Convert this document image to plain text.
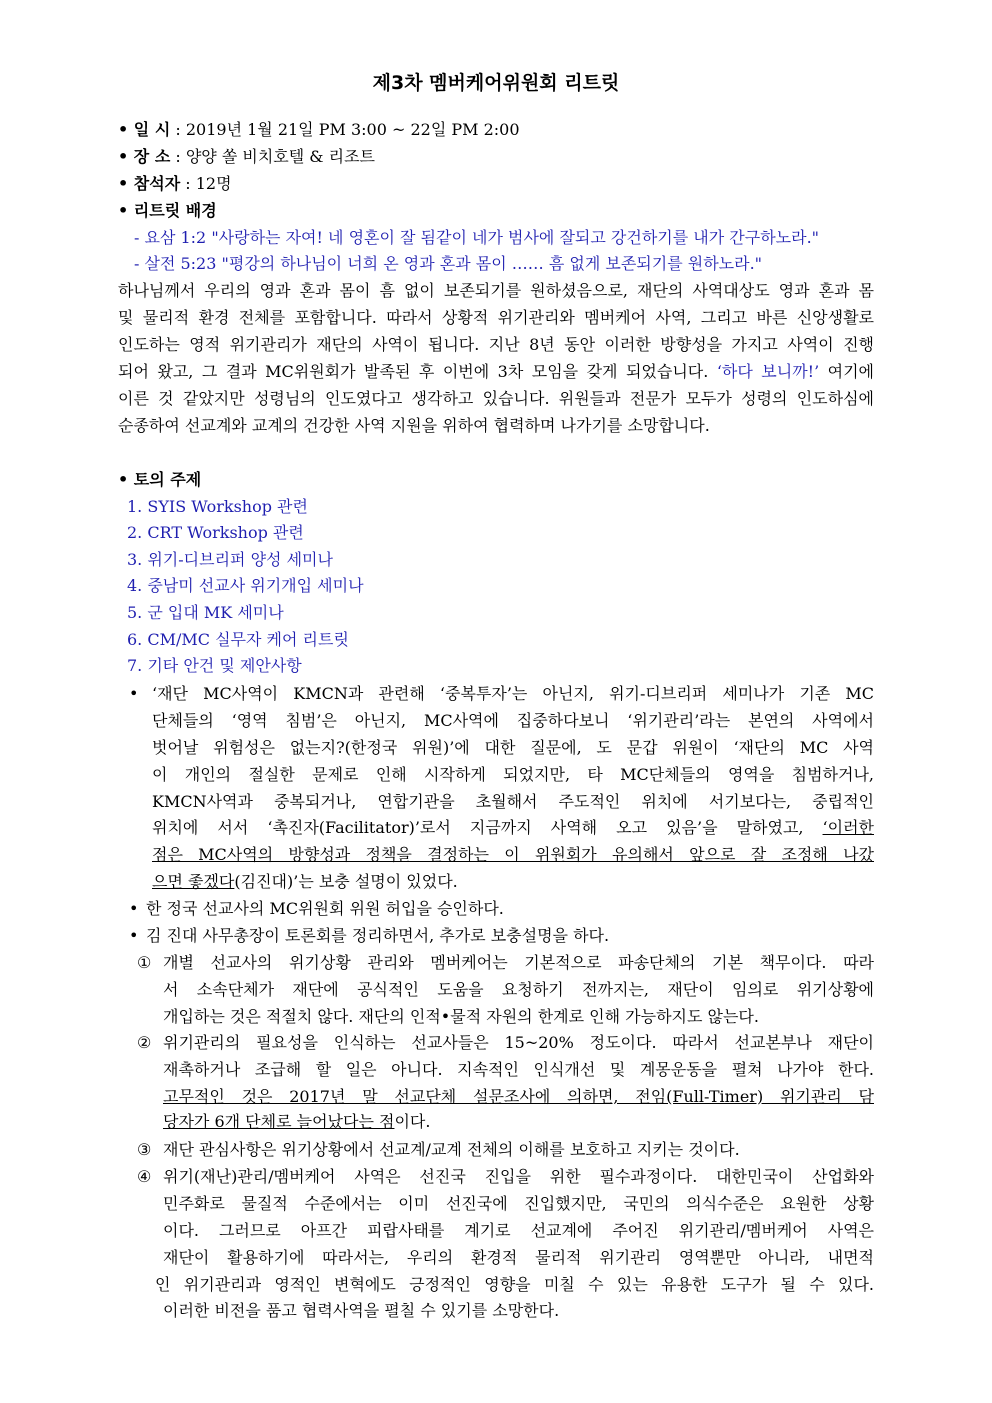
제3차 멤버케어위원회 리트릿
• 일 시 : 2019년 1월 21일 PM 3:00 ~ 22일 PM 2:00
• 장 소 : 양양 쏠 비치호텔 & 리조트
• 참석자 : 12명
• 리트릿 배경
- 요삼 1:2 "사랑하는 자여! 네 영혼이 잘 됨같이 네가 범사에 잘되고 강건하기를 내가 간구하노라."
- 살전 5:23 "평강의 하나님이 너희 온 영과 혼과 몸이 …… 흠 없게 보존되기를 원하노라."
하나님께서 우리의 영과 혼과 몸이 흠 없이 보존되기를 원하셨음으로, 재단의 사역대상도 영과 혼과 몸
및 물리적 환경 전체를 포함합니다. 따라서 상황적 위기관리와 멤버케어 사역, 그리고 바른 신앙생활로
인도하는 영적 위기관리가 재단의 사역이 됩니다. 지난 8년 동안 이러한 방향성을 가지고 사역이 진행
되어 왔고, 그 결과 MC위원회가 발족된 후 이번에 3차 모임을 갖게 되었습니다. ‘하다 보니까!’ 여기에
이른 것 같았지만 성령님의 인도였다고 생각하고 있습니다. 위원들과 전문가 모두가 성령의 인도하심에
순종하여 선교계와 교계의 건강한 사역 지원을 위하여 협력하며 나가기를 소망합니다.
• 토의 주제
1. SYIS Workshop 관련
2. CRT Workshop 관련
3. 위기-디브리퍼 양성 세미나
4. 중남미 선교사 위기개입 세미나
5. 군 입대 MK 세미나
6. CM/MC 실무자 케어 리트릿
7. 기타 안건 및 제안사항
• ‘재단 MC사역이 KMCN과 관련해 ‘중복투자’는 아닌지, 위기-디브리퍼 세미나가 기존 MC
단체들의 ‘영역 침범’은 아닌지, MC사역에 집중하다보니 ‘위기관리’라는 본연의 사역에서
벗어날 위험성은 없는지?(한정국 위원)’에 대한 질문에, 도 문갑 위원이 ‘재단의 MC 사역
이 개인의 절실한 문제로 인해 시작하게 되었지만, 타 MC단체들의 영역을 침범하거나,
KMCN사역과 중복되거나, 연합기관을 초월해서 주도적인 위치에 서기보다는, 중립적인
위치에 서서 ‘촉진자(Facilitator)’로서 지금까지 사역해 오고 있음’을 말하였고, ‘이러한
점은 MC사역의 방향성과 정책을 결정하는 이 위원회가 유의해서 앞으로 잘 조정해 나갔
으면 좋겠다(김진대)’는 보충 설명이 있었다.
• 한 정국 선교사의 MC위원회 위원 허입을 승인하다.
• 김 진대 사무총장이 토론회를 정리하면서, 추가로 보충설명을 하다.
① 개별 선교사의 위기상황 관리와 멤버케어는 기본적으로 파송단체의 기본 책무이다. 따라
서 소속단체가 재단에 공식적인 도움을 요청하기 전까지는, 재단이 임의로 위기상황에
개입하는 것은 적절치 않다. 재단의 인적•물적 자원의 한계로 인해 가능하지도 않는다.
② 위기관리의 필요성을 인식하는 선교사들은 15~20% 정도이다. 따라서 선교본부나 재단이
재촉하거나 조급해 할 일은 아니다. 지속적인 인식개선 및 계몽운동을 펼쳐 나가야 한다.
고무적인 것은 2017년 말 선교단체 설문조사에 의하면, 전임(Full-Timer) 위기관리 담
당자가 6개 단체로 늘어났다는 점이다.
③ 재단 관심사항은 위기상황에서 선교계/교계 전체의 이해를 보호하고 지키는 것이다.
④ 위기(재난)관리/멤버케어 사역은 선진국 진입을 위한 필수과정이다. 대한민국이 산업화와
민주화로 물질적 수준에서는 이미 선진국에 진입했지만, 국민의 의식수준은 요원한 상황
이다. 그러므로 아프간 피랍사태를 계기로 선교계에 주어진 위기관리/멤버케어 사역은
재단이 활용하기에 따라서는, 우리의 환경적 물리적 위기관리 영역뿐만 아니라, 내면적
인 위기관리과 영적인 변혁에도 긍정적인 영향을 미칠 수 있는 유용한 도구가 될 수 있다.
이러한 비전을 품고 협력사역을 펼칠 수 있기를 소망한다.
